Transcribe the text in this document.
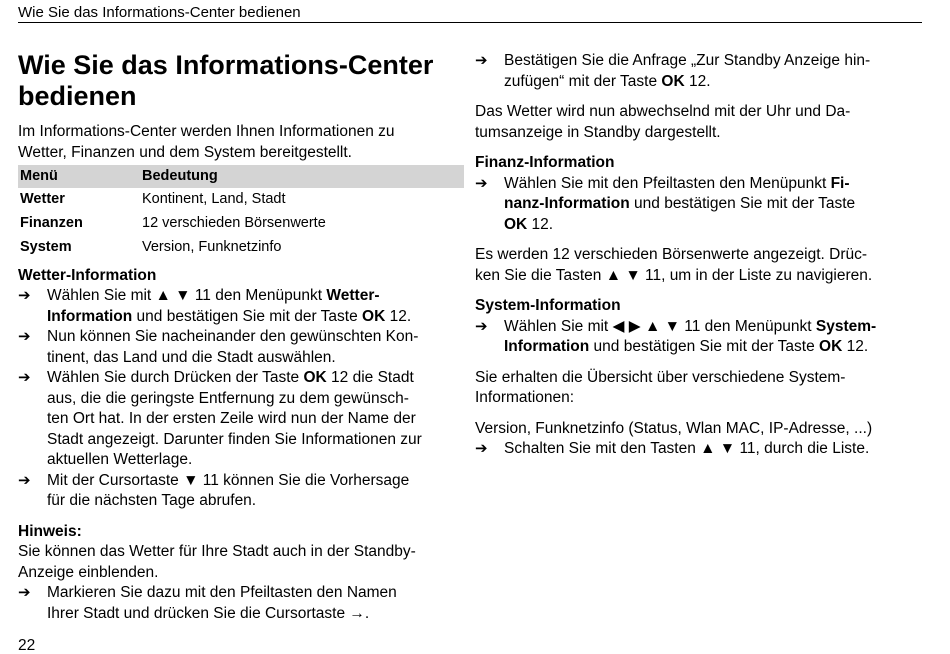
Wie Sie das Informations-Center bedienen
Wie Sie das Informations-Center
bedienen

Im Informations-Center werden Ihnen Informationen zu
Wetter, Finanzen und dem System bereitgestellt.

Menü	Bedeutung
Wetter	Kontinent, Land, Stadt
Finanzen	12 verschieden Börsenwerte
System	Version, Funknetzinfo

Wetter-Information

➔ Wählen Sie mit ▲ ▼ 11 den Menüpunkt Wetter-
Information und bestätigen Sie mit der Taste OK 12.
➔ Nun können Sie nacheinander den gewünschten Kon-
tinent, das Land und die Stadt auswählen.
➔ Wählen Sie durch Drücken der Taste OK 12 die Stadt
aus, die die geringste Entfernung zu dem gewünsch-
ten Ort hat. In der ersten Zeile wird nun der Name der
Stadt angezeigt. Darunter finden Sie Informationen zur
aktuellen Wetterlage.
➔ Mit der Cursortaste ▼ 11 können Sie die Vorhersage
für die nächsten Tage abrufen.

Hinweis:

Sie können das Wetter für Ihre Stadt auch in der Standby-
Anzeige einblenden.

➔ Markieren Sie dazu mit den Pfeiltasten den Namen
Ihrer Stadt und drücken Sie die Cursortaste →.
➔ Bestätigen Sie die Anfrage „Zur Standby Anzeige hin-
zufügen“ mit der Taste OK 12.

Das Wetter wird nun abwechselnd mit der Uhr und Da-
tumsanzeige in Standby dargestellt.

Finanz-Information

➔ Wählen Sie mit den Pfeiltasten den Menüpunkt Fi-
nanz-Information und bestätigen Sie mit der Taste
OK 12.

Es werden 12 verschieden Börsenwerte angezeigt. Drüc-
ken Sie die Tasten ▲ ▼ 11, um in der Liste zu navigieren.

System-Information

➔ Wählen Sie mit ◀ ▶ ▲ ▼ 11 den Menüpunkt System-
Information und bestätigen Sie mit der Taste OK 12.

Sie erhalten die Übersicht über verschiedene System-
Informationen:

Version, Funknetzinfo (Status, Wlan MAC, IP-Adresse, ...)

➔ Schalten Sie mit den Tasten ▲ ▼ 11, durch die Liste.
22
